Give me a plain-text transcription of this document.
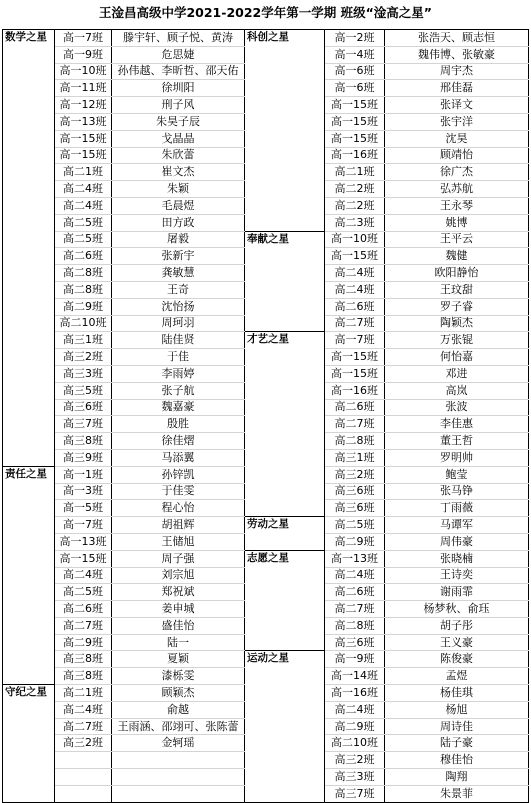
王淦昌高级中学2021-2022学年第一学期 班级“淦高之星”
数学之星	高一7班	滕宇轩、顾子悦、黄涛	科创之星	高一2班	张浩天、顾志恒
	高一9班	危思婕		高一4班	魏伟博、张敏豪
	高一10班	孙伟越、李昕哲、邵天佑		高一6班	周宇杰
	高一11班	徐圳阳		高一6班	邢佳磊
	高一12班	刑子风		高一15班	张译文
	高一13班	朱昊子辰		高一15班	张宇洋
	高一15班	戈晶晶		高一15班	沈昊
	高一15班	朱欣蕾		高一16班	顾靖怡
	高二1班	崔文杰		高二1班	徐广杰
	高二4班	朱颖		高二2班	弘苏航
	高二4班	毛晨煜		高二2班	王永琴
	高二5班	田方政		高二3班	姚博
	高二5班	屠毅	奉献之星	高一10班	王平云
	高二6班	张新宇		高一15班	魏健
	高二8班	龚敏慧		高二4班	欧阳静怡
	高二8班	王奇		高二4班	王玟甜
	高二9班	沈怡扬		高二6班	罗子睿
	高二10班	周珂羽		高二7班	陶颖杰
	高三1班	陆佳贤	才艺之星	高一7班	万张锟
	高三2班	于佳		高一15班	何怡嘉
	高三3班	李雨婷		高一15班	邓进
	高三5班	张子航		高一16班	高岚
	高三6班	魏嘉豪		高二6班	张波
	高三7班	殷胜		高二7班	李佳惠
	高三8班	徐佳熠		高二8班	董王哲
	高三9班	马添翼		高三1班	罗明帅
责任之星	高一1班	孙锌凯		高三2班	鲍莹
	高一3班	于佳雯		高三6班	张马铮
	高一5班	程心怡		高三6班	丁雨薇
	高一7班	胡祖辉	劳动之星	高二5班	马谭军
	高一13班	王储旭		高二9班	周伟豪
	高一15班	周子强	志愿之星	高一13班	张晓楠
	高二4班	刘宗旭		高二4班	王诗奕
	高二5班	郑祝斌		高二6班	谢雨霏
	高二6班	姜申城		高二7班	杨梦秋、俞珏
	高二7班	盛佳怡		高二8班	胡子彤
	高二9班	陆一		高三6班	王义豪
	高三8班	夏颖	运动之星	高一9班	陈俊豪
	高三8班	漆栎雯		高一14班	孟煜
守纪之星	高二1班	顾颖杰		高一16班	杨佳琪
	高二4班	俞越		高二4班	杨旭
	高二7班	王雨涵、邵翊可、张陈蕾		高二9班	周诗佳
	高三2班	金轲瑶		高二10班	陆子豪
				高三2班	穆佳怡
				高三3班	陶翔
				高三7班	朱景菲
